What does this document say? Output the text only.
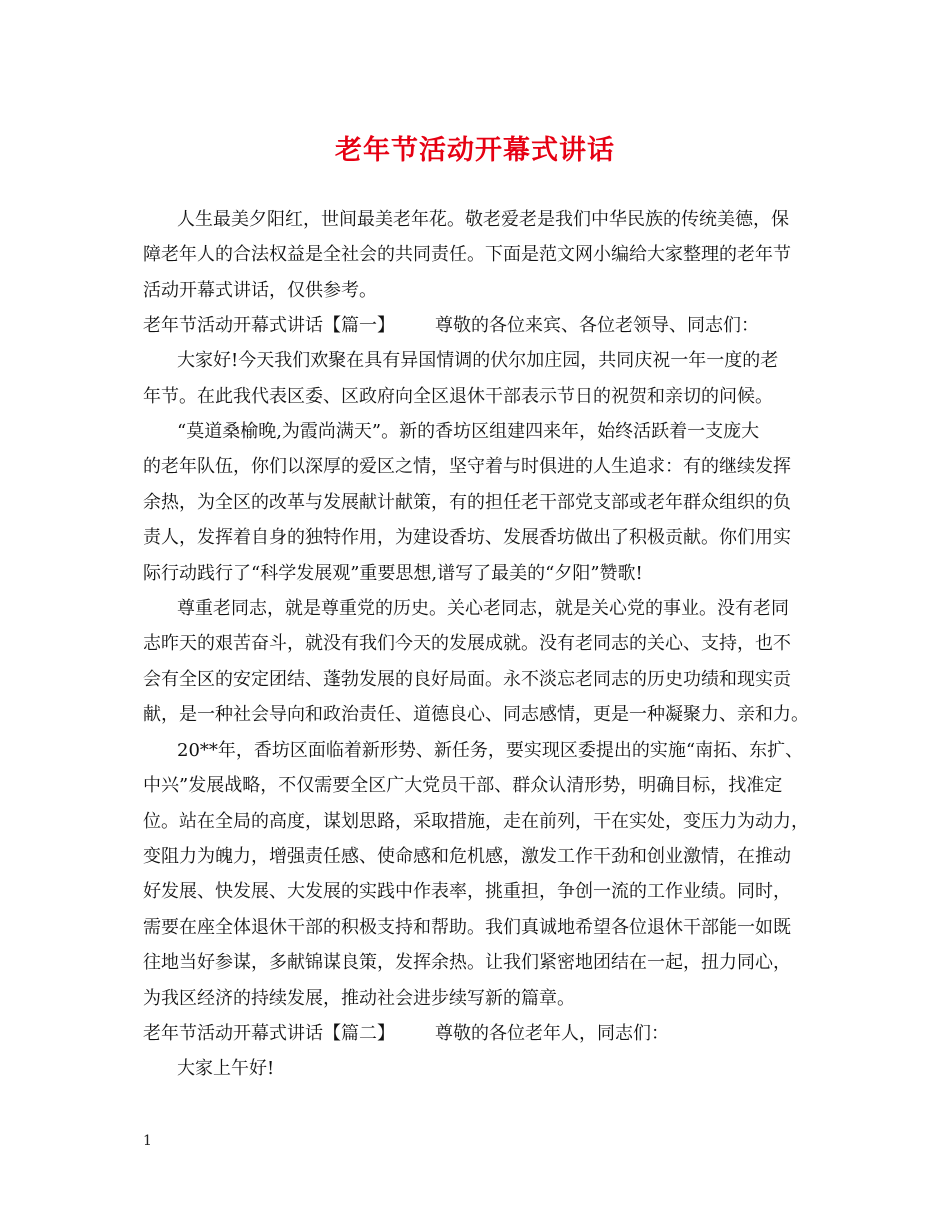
老年节活动开幕式讲话
人生最美夕阳红，世间最美老年花。敬老爱老是我们中华民族的传统美德，保
障老年人的合法权益是全社会的共同责任。下面是范文网小编给大家整理的老年节
活动开幕式讲话，仅供参考。
老年节活动开幕式讲话【篇一】 尊敬的各位来宾、各位老领导、同志们：
大家好!今天我们欢聚在具有异国情调的伏尔加庄园，共同庆祝一年一度的老
年节。在此我代表区委、区政府向全区退休干部表示节日的祝贺和亲切的问候。
“莫道桑榆晚,为霞尚满天”。新的香坊区组建四来年，始终活跃着一支庞大
的老年队伍，你们以深厚的爱区之情，坚守着与时俱进的人生追求：有的继续发挥
余热，为全区的改革与发展献计献策，有的担任老干部党支部或老年群众组织的负
责人，发挥着自身的独特作用，为建设香坊、发展香坊做出了积极贡献。你们用实
际行动践行了“科学发展观”重要思想,谱写了最美的“夕阳”赞歌!
尊重老同志，就是尊重党的历史。关心老同志，就是关心党的事业。没有老同
志昨天的艰苦奋斗，就没有我们今天的发展成就。没有老同志的关心、支持，也不
会有全区的安定团结、蓬勃发展的良好局面。永不淡忘老同志的历史功绩和现实贡
献，是一种社会导向和政治责任、道德良心、同志感情，更是一种凝聚力、亲和力。
20**年，香坊区面临着新形势、新任务，要实现区委提出的实施“南拓、东扩、
中兴”发展战略，不仅需要全区广大党员干部、群众认清形势，明确目标，找准定
位。站在全局的高度，谋划思路，采取措施，走在前列，干在实处，变压力为动力，
变阻力为魄力，增强责任感、使命感和危机感，激发工作干劲和创业激情，在推动
好发展、快发展、大发展的实践中作表率，挑重担，争创一流的工作业绩。同时，
需要在座全体退休干部的积极支持和帮助。我们真诚地希望各位退休干部能一如既
往地当好参谋，多献锦谋良策，发挥余热。让我们紧密地团结在一起，扭力同心，
为我区经济的持续发展，推动社会进步续写新的篇章。
老年节活动开幕式讲话【篇二】 尊敬的各位老年人，同志们：
大家上午好!
1
